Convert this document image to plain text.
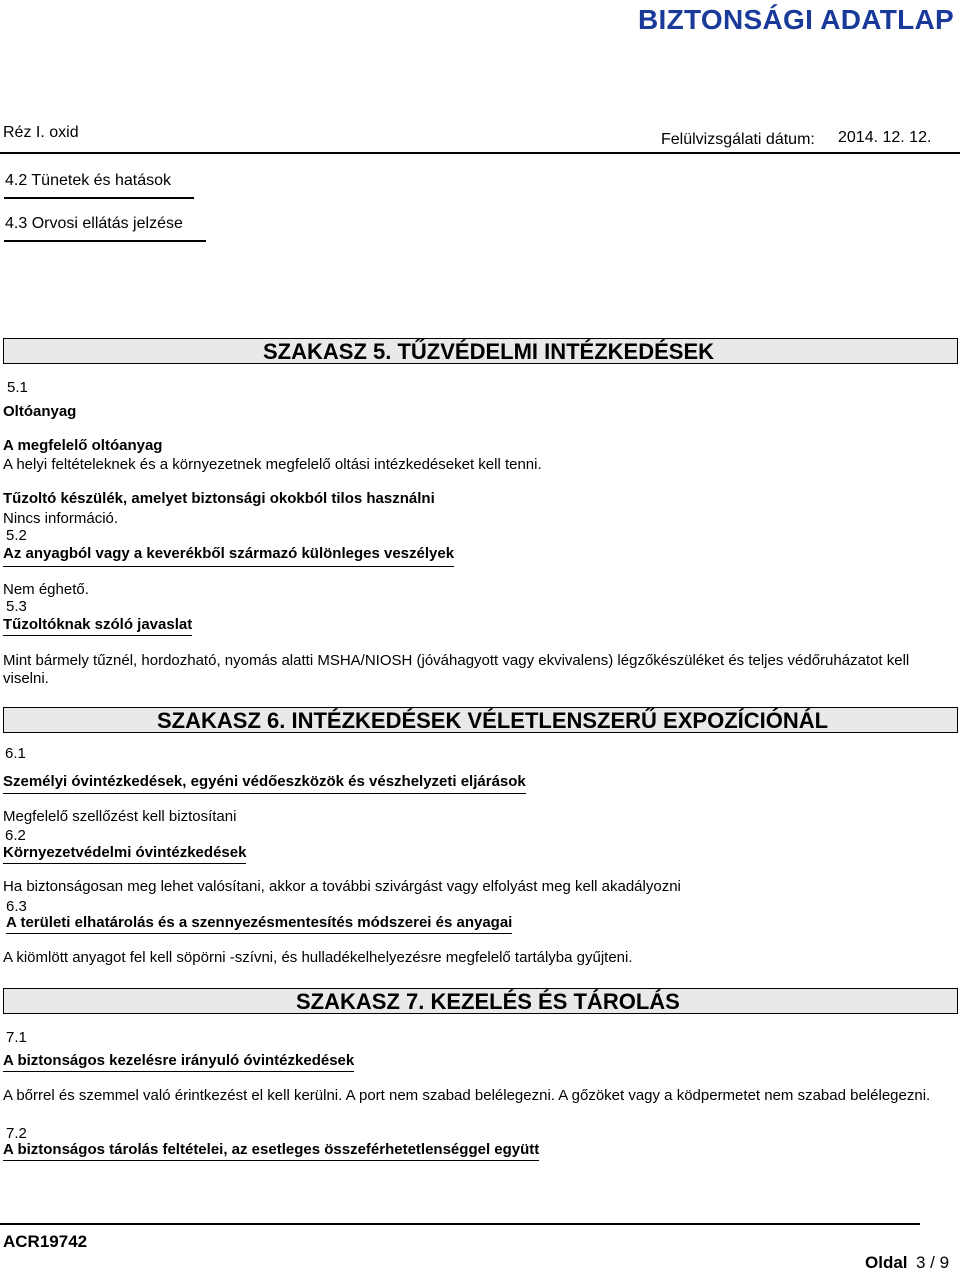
BIZTONSÁGI ADATLAP
Réz I. oxid	Felülvizsgálati dátum: 2014. 12. 12.
4.2 Tünetek és hatások
4.3 Orvosi ellátás jelzése
SZAKASZ 5. TŰZVÉDELMI INTÉZKEDÉSEK
5.1
Oltóanyag
A megfelelő oltóanyag
A helyi feltételeknek és a környezetnek megfelelő oltási intézkedéseket kell tenni.
Tűzoltó készülék, amelyet biztonsági okokból tilos használni
Nincs információ.
5.2
Az anyagból vagy a keverékből származó különleges veszélyek
Nem éghető.
5.3
Tűzoltóknak szóló javaslat
Mint bármely tűznél, hordozható, nyomás alatti MSHA/NIOSH (jóváhagyott vagy ekvivalens) légzőkészüléket és teljes védőruházatot kell viselni.
SZAKASZ 6. INTÉZKEDÉSEK VÉLETLENSZERŰ EXPOZÍCIÓNÁL
6.1
Személyi óvintézkedések, egyéni védőeszközök és vészhelyzeti eljárások
Megfelelő szellőzést kell biztosítani
6.2
Környezetvédelmi óvintézkedések
Ha biztonságosan meg lehet valósítani, akkor a további szivárgást vagy elfolyást meg kell akadályozni
6.3
A területi elhatárolás és a szennyezésmentesítés módszerei és anyagai
A kiömlött anyagot fel kell söpörni -szívni, és hulladékelhelyezésre megfelelő tartályba gyűjteni.
SZAKASZ 7. KEZELÉS ÉS TÁROLÁS
7.1
A biztonságos kezelésre irányuló óvintézkedések
A bőrrel és szemmel való érintkezést el kell kerülni. A port nem szabad belélegezni. A gőzöket vagy a ködpermetet nem szabad belélegezni.
7.2
A biztonságos tárolás feltételei, az esetleges összeférhetetlenséggel együtt
ACR19742
Oldal 3 / 9
